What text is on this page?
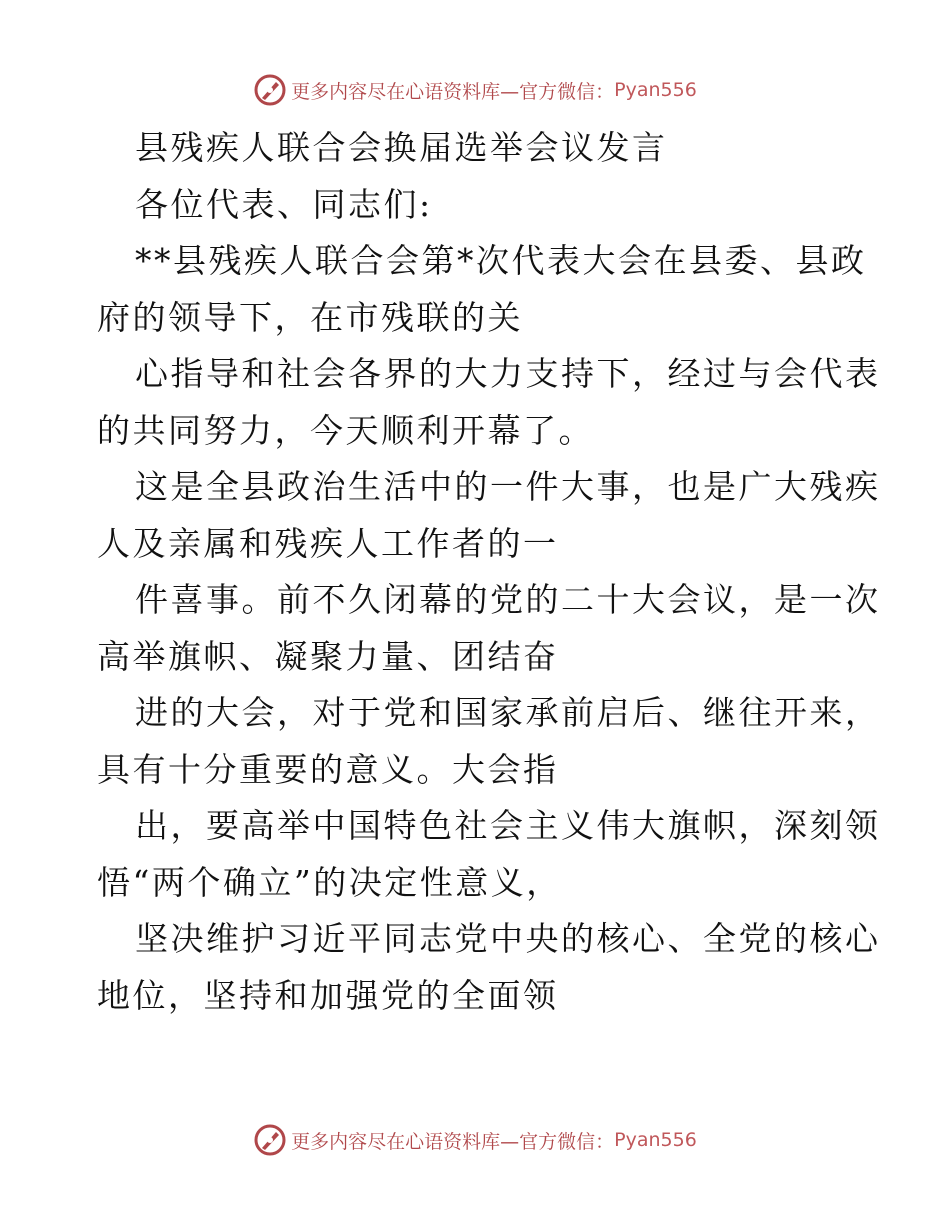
更多内容尽在心语资料库—官方微信： Pyan556

县残疾人联合会换届选举会议发言

各位代表、同志们:

**县残疾人联合会第*次代表大会在县委、县政

府的领导下，在市残联的关

心指导和社会各界的大力支持下，经过与会代表

的共同努力，今天顺利开幕了。

这是全县政治生活中的一件大事，也是广大残疾

人及亲属和残疾人工作者的一

件喜事。前不久闭幕的党的二十大会议，是一次

高举旗帜、凝聚力量、团结奋

进的大会，对于党和国家承前启后、继往开来，

具有十分重要的意义。大会指

出，要高举中国特色社会主义伟大旗帜，深刻领

悟“两个确立”的决定性意义，

坚决维护习近平同志党中央的核心、全党的核心

地位，坚持和加强党的全面领

更多内容尽在心语资料库—官方微信： Pyan556
